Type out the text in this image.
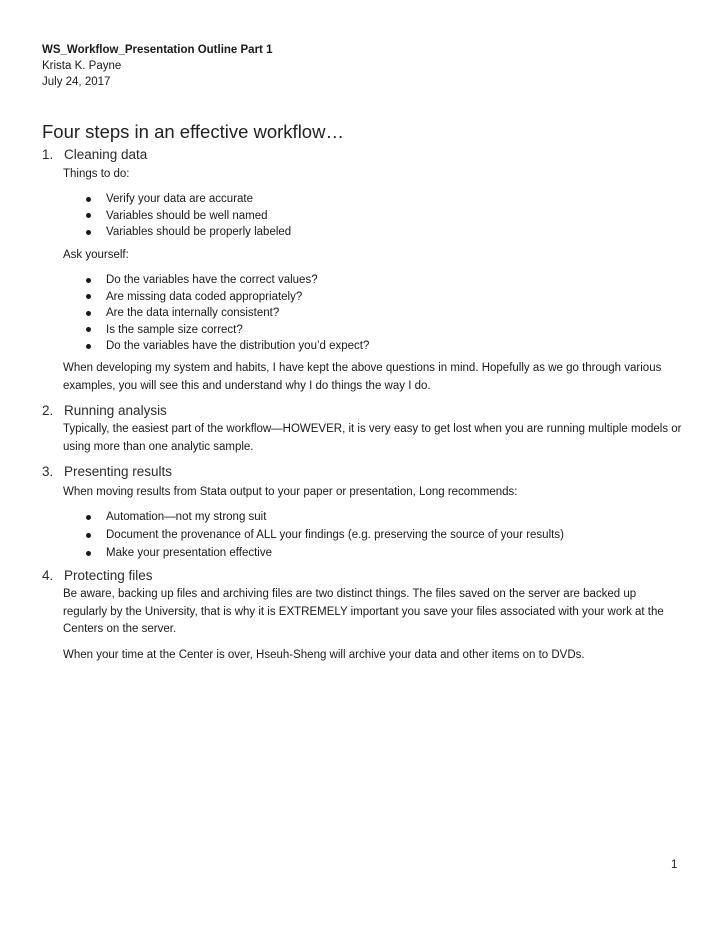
WS_Workflow_Presentation Outline Part 1
Krista K. Payne
July 24, 2017
Four steps in an effective workflow…
1. Cleaning data

Things to do:

Verify your data are accurate
Variables should be well named
Variables should be properly labeled

Ask yourself:

Do the variables have the correct values?
Are missing data coded appropriately?
Are the data internally consistent?
Is the sample size correct?
Do the variables have the distribution you’d expect?

When developing my system and habits, I have kept the above questions in mind. Hopefully as we go through various examples, you will see this and understand why I do things the way I do.

2. Running analysis

Typically, the easiest part of the workflow—HOWEVER, it is very easy to get lost when you are running multiple models or using more than one analytic sample.

3. Presenting results

When moving results from Stata output to your paper or presentation, Long recommends:

Automation—not my strong suit
Document the provenance of ALL your findings (e.g. preserving the source of your results)
Make your presentation effective
4. Protecting files

Be aware, backing up files and archiving files are two distinct things. The files saved on the server are backed up regularly by the University, that is why it is EXTREMELY important you save your files associated with your work at the Centers on the server.

When your time at the Center is over, Hseuh-Sheng will archive your data and other items on to DVDs.

1
